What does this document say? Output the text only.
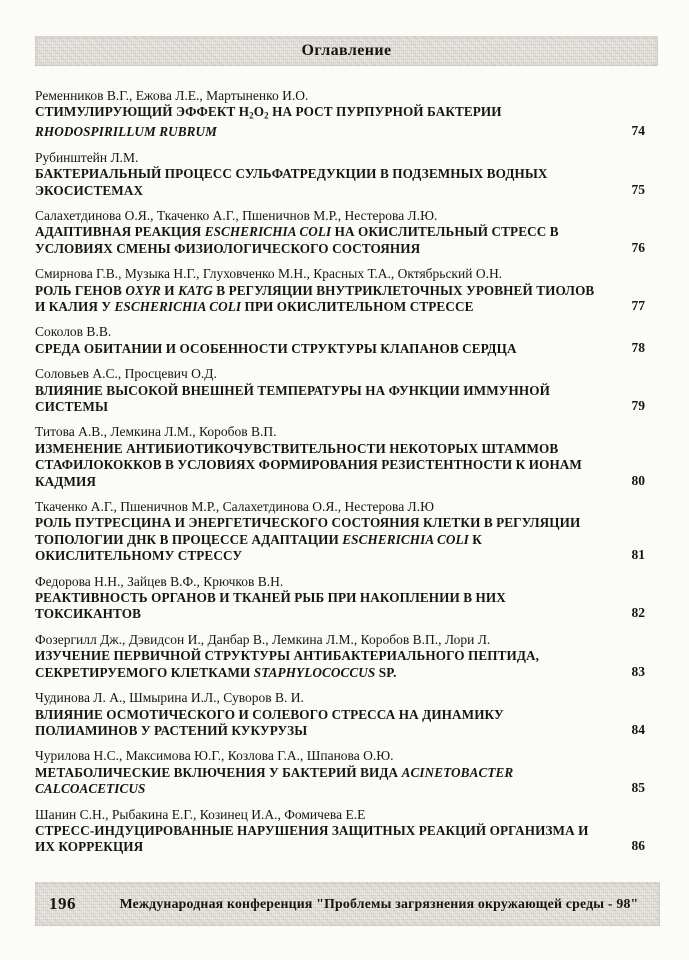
Оглавление
Ременников В.Г., Ежова Л.Е., Мартыненко И.О.
СТИМУЛИРУЮЩИЙ ЭФФЕКТ $H_2O_2$ НА РОСТ ПУРПУРНОЙ БАКТЕРИИ RHODOSPIRILLUM RUBRUM	74
Рубинштейн Л.М.
БАКТЕРИАЛЬНЫЙ ПРОЦЕСС СУЛЬФАТРЕДУКЦИИ В ПОДЗЕМНЫХ ВОДНЫХ ЭКОСИСТЕМАХ	75
Салахетдинова О.Я., Ткаченко А.Г., Пшеничнов М.Р., Нестерова Л.Ю.
АДАПТИВНАЯ РЕАКЦИЯ ESCHERICHIA COLI НА ОКИСЛИТЕЛЬНЫЙ СТРЕСС В УСЛОВИЯХ СМЕНЫ ФИЗИОЛОГИЧЕСКОГО СОСТОЯНИЯ	76
Смирнова Г.В., Музыка Н.Г., Глуховченко М.Н., Красных Т.А., Октябрьский О.Н.
РОЛЬ ГЕНОВ OXYR И KATG В РЕГУЛЯЦИИ ВНУТРИКЛЕТОЧНЫХ УРОВНЕЙ ТИОЛОВ И КАЛИЯ У ESCHERICHIA COLI ПРИ ОКИСЛИТЕЛЬНОМ СТРЕССЕ	77
Соколов В.В.
СРЕДА ОБИТАНИИ И ОСОБЕННОСТИ СТРУКТУРЫ КЛАПАНОВ СЕРДЦА	78
Соловьев А.С., Просцевич О.Д.
ВЛИЯНИЕ ВЫСОКОЙ ВНЕШНЕЙ ТЕМПЕРАТУРЫ НА ФУНКЦИИ ИММУННОЙ СИСТЕМЫ	79
Титова А.В., Лемкина Л.М., Коробов В.П.
ИЗМЕНЕНИЕ АНТИБИОТИКОЧУВСТВИТЕЛЬНОСТИ НЕКОТОРЫХ ШТАММОВ СТАФИЛОКОККОВ В УСЛОВИЯХ ФОРМИРОВАНИЯ РЕЗИСТЕНТНОСТИ К ИОНАМ КАДМИЯ	80
Ткаченко А.Г., Пшеничнов М.Р., Салахетдинова О.Я., Нестерова Л.Ю
РОЛЬ ПУТРЕСЦИНА И ЭНЕРГЕТИЧЕСКОГО СОСТОЯНИЯ КЛЕТКИ В РЕГУЛЯЦИИ ТОПОЛОГИИ ДНК В ПРОЦЕССЕ АДАПТАЦИИ ESCHERICHIA COLI К ОКИСЛИТЕЛЬНОМУ СТРЕССУ	81
Федорова Н.Н., Зайцев В.Ф., Крючков В.Н.
РЕАКТИВНОСТЬ ОРГАНОВ И ТКАНЕЙ РЫБ ПРИ НАКОПЛЕНИИ В НИХ ТОКСИКАНТОВ	82
Фозергилл Дж., Дэвидсон И., Данбар В., Лемкина Л.М., Коробов В.П., Лори Л.
ИЗУЧЕНИЕ ПЕРВИЧНОЙ СТРУКТУРЫ АНТИБАКТЕРИАЛЬНОГО ПЕПТИДА, СЕКРЕТИРУЕМОГО КЛЕТКАМИ STAPHYLOCOCCUS SP.	83
Чудинова Л. А., Шмырина И.Л., Суворов В. И.
ВЛИЯНИЕ ОСМОТИЧЕСКОГО И СОЛЕВОГО СТРЕССА НА ДИНАМИКУ ПОЛИАМИНОВ У РАСТЕНИЙ КУКУРУЗЫ	84
Чурилова Н.С., Максимова Ю.Г., Козлова Г.А., Шпанова О.Ю.
МЕТАБОЛИЧЕСКИЕ ВКЛЮЧЕНИЯ У БАКТЕРИЙ ВИДА ACINETOBACTER CALCOACETICUS	85
Шанин С.Н., Рыбакина Е.Г., Козинец И.А., Фомичева Е.Е
СТРЕСС-ИНДУЦИРОВАННЫЕ НАРУШЕНИЯ ЗАЩИТНЫХ РЕАКЦИЙ ОРГАНИЗМА И ИХ КОРРЕКЦИЯ	86
196	Международная конференция "Проблемы загрязнения окружающей среды - 98"
